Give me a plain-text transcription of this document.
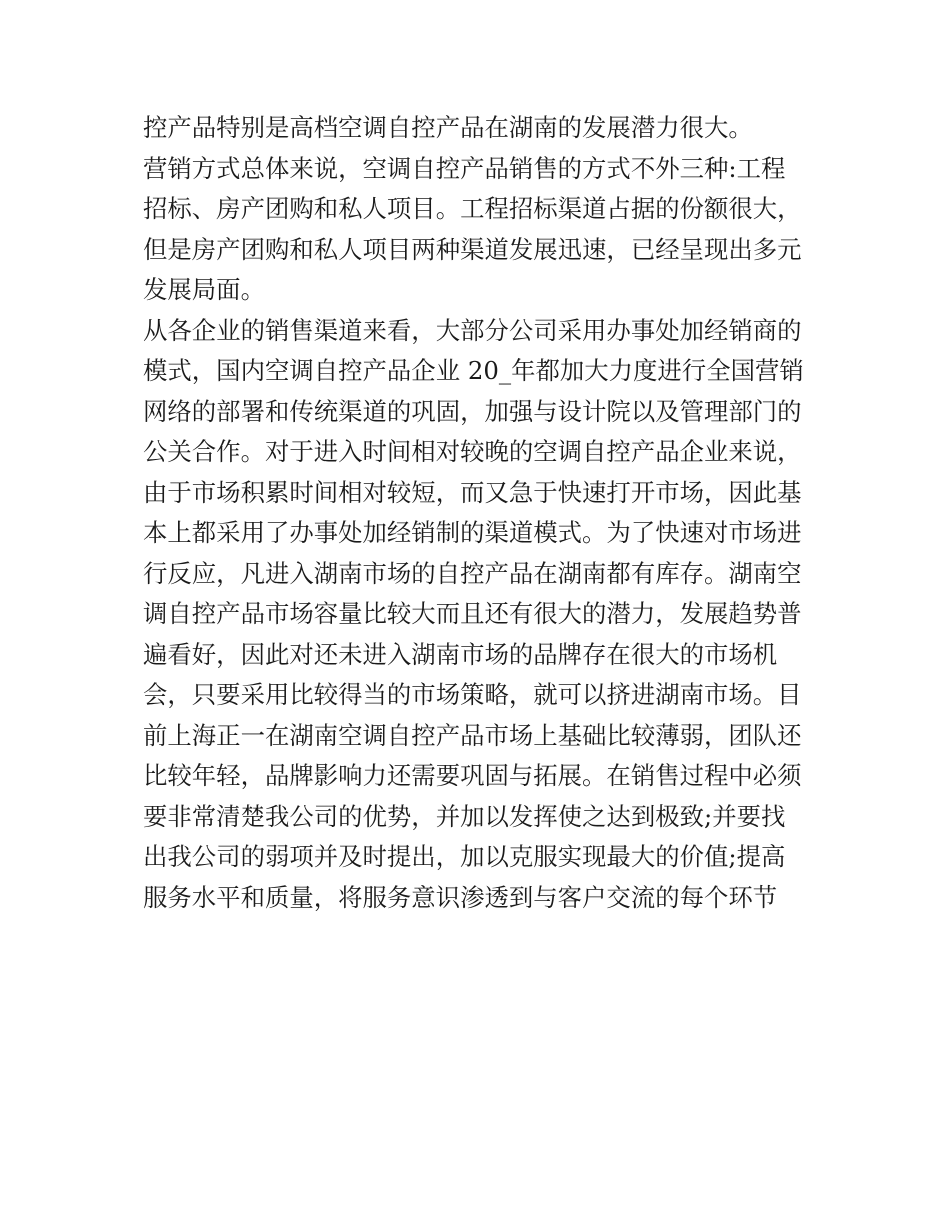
控产品特别是高档空调自控产品在湖南的发展潜力很大。
营销方式总体来说，空调自控产品销售的方式不外三种:工程
招标、房产团购和私人项目。工程招标渠道占据的份额很大，
但是房产团购和私人项目两种渠道发展迅速，已经呈现出多元
发展局面。
从各企业的销售渠道来看，大部分公司采用办事处加经销商的
模式，国内空调自控产品企业 20_年都加大力度进行全国营销
网络的部署和传统渠道的巩固，加强与设计院以及管理部门的
公关合作。对于进入时间相对较晚的空调自控产品企业来说，
由于市场积累时间相对较短，而又急于快速打开市场，因此基
本上都采用了办事处加经销制的渠道模式。为了快速对市场进
行反应，凡进入湖南市场的自控产品在湖南都有库存。湖南空
调自控产品市场容量比较大而且还有很大的潜力，发展趋势普
遍看好，因此对还未进入湖南市场的品牌存在很大的市场机
会，只要采用比较得当的市场策略，就可以挤进湖南市场。目
前上海正一在湖南空调自控产品市场上基础比较薄弱，团队还
比较年轻，品牌影响力还需要巩固与拓展。在销售过程中必须
要非常清楚我公司的优势，并加以发挥使之达到极致;并要找
出我公司的弱项并及时提出，加以克服实现最大的价值;提高
服务水平和质量，将服务意识渗透到与客户交流的每个环节
